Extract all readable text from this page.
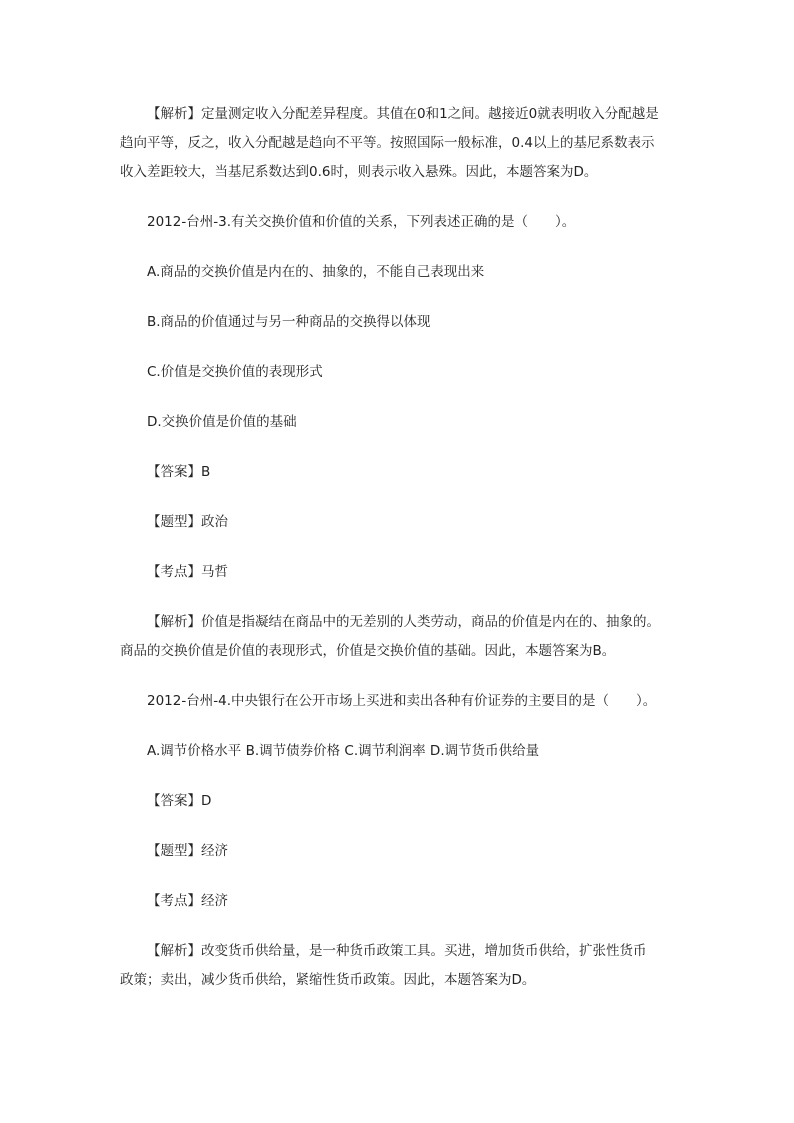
【解析】定量测定收入分配差异程度。其值在0和1之间。越接近0就表明收入分配越是
趋向平等，反之，收入分配越是趋向不平等。按照国际一般标准，0.4以上的基尼系数表示
收入差距较大，当基尼系数达到0.6时，则表示收入悬殊。因此，本题答案为D。
2012-台州-3.有关交换价值和价值的关系，下列表述正确的是（　　）。
A.商品的交换价值是内在的、抽象的，不能自己表现出来
B.商品的价值通过与另一种商品的交换得以体现
C.价值是交换价值的表现形式
D.交换价值是价值的基础
【答案】B
【题型】政治
【考点】马哲
【解析】价值是指凝结在商品中的无差别的人类劳动，商品的价值是内在的、抽象的。
商品的交换价值是价值的表现形式，价值是交换价值的基础。因此，本题答案为B。
2012-台州-4.中央银行在公开市场上买进和卖出各种有价证券的主要目的是（　　）。
A.调节价格水平 B.调节债券价格 C.调节利润率 D.调节货币供给量
【答案】D
【题型】经济
【考点】经济
【解析】改变货币供给量，是一种货币政策工具。买进，增加货币供给，扩张性货币
政策；卖出，减少货币供给，紧缩性货币政策。因此，本题答案为D。
